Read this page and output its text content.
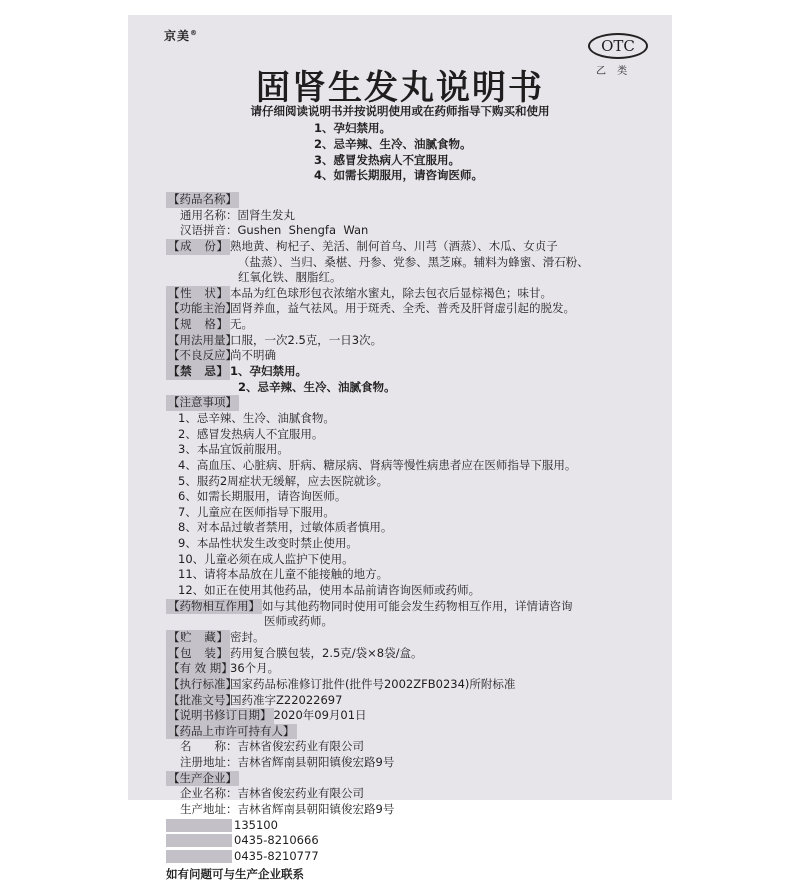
京美®
OTC
乙 类
固肾生发丸说明书
请仔细阅读说明书并按说明使用或在药师指导下购买和使用
1、孕妇禁用。
2、忌辛辣、生冷、油腻食物。
3、感冒发热病人不宜服用。
4、如需长期服用，请咨询医师。
【药品名称】
通用名称：固肾生发丸
汉语拼音：Gushen  Shengfa  Wan
【成　份】 熟地黄、枸杞子、羌活、制何首乌、川芎（酒蒸）、木瓜、女贞子
（盐蒸）、当归、桑椹、丹参、党参、黑芝麻。辅料为蜂蜜、滑石粉、
红氧化铁、胭脂红。
【性　状】 本品为红色球形包衣浓缩水蜜丸，除去包衣后显棕褐色；味甘。
【功能主治】固肾养血，益气祛风。用于斑秃、全秃、普秃及肝肾虚引起的脱发。
【规　格】 无。
【用法用量】口服，一次2.5克，一日3次。
【不良反应】尚不明确
【禁　忌】 1、孕妇禁用。
2、忌辛辣、生冷、油腻食物。
【注意事项】
1、忌辛辣、生冷、油腻食物。
2、感冒发热病人不宜服用。
3、本品宜饭前服用。
4、高血压、心脏病、肝病、糖尿病、肾病等慢性病患者应在医师指导下服用。
5、服药2周症状无缓解，应去医院就诊。
6、如需长期服用，请咨询医师。
7、儿童应在医师指导下服用。
8、对本品过敏者禁用，过敏体质者慎用。
9、本品性状发生改变时禁止使用。
10、儿童必须在成人监护下使用。
11、请将本品放在儿童不能接触的地方。
12、如正在使用其他药品，使用本品前请咨询医师或药师。
【药物相互作用】 如与其他药物同时使用可能会发生药物相互作用，详情请咨询
医师或药师。
【贮　藏】 密封。
【包　装】 药用复合膜包装，2.5克/袋×8袋/盒。
【有 效 期】36个月。
【执行标准】国家药品标准修订批件(批件号2002ZFB0234)所附标准
【批准文号】国药准字Z22022697
【说明书修订日期】 2020年09月01日
【药品上市许可持有人】
名　　称：吉林省俊宏药业有限公司
注册地址：吉林省辉南县朝阳镇俊宏路9号
【生产企业】
企业名称：吉林省俊宏药业有限公司
生产地址：吉林省辉南县朝阳镇俊宏路9号
135100
0435-8210666
0435-8210777
如有问题可与生产企业联系
